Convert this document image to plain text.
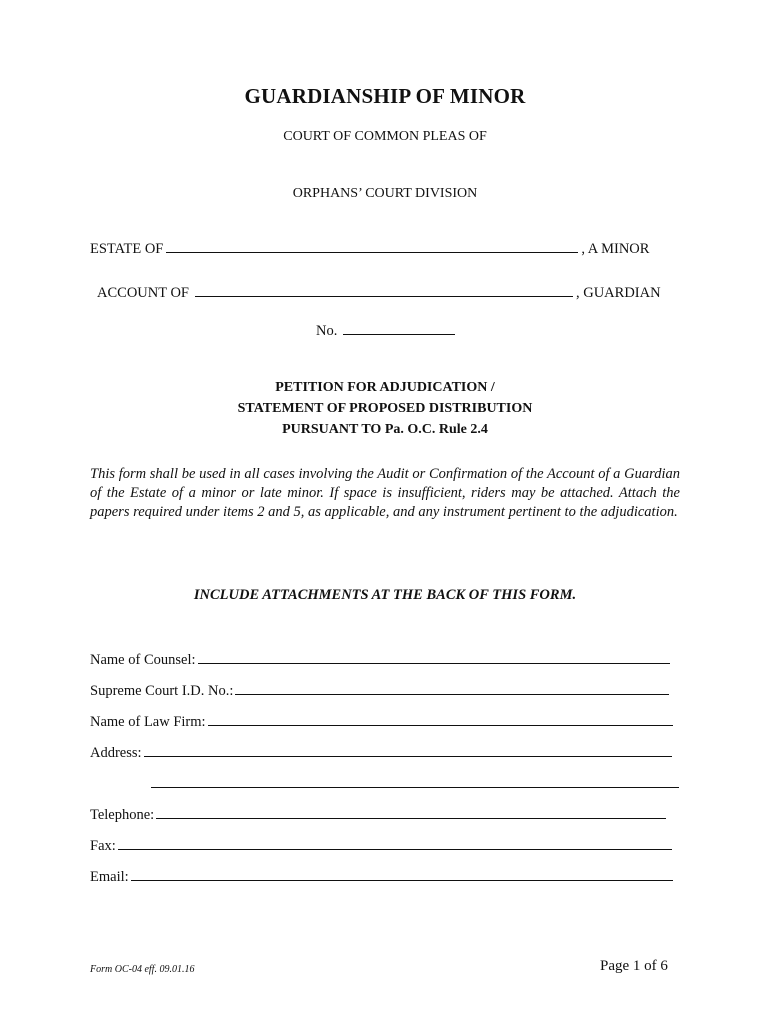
GUARDIANSHIP OF MINOR
COURT OF COMMON PLEAS OF
ORPHANS’ COURT DIVISION
ESTATE OF	, A MINOR
ACCOUNT OF	, GUARDIAN
No.
PETITION FOR ADJUDICATION /
STATEMENT OF PROPOSED DISTRIBUTION
PURSUANT TO Pa. O.C. Rule 2.4
This form shall be used in all cases involving the Audit or Confirmation of the Account of a Guardian of the Estate of a minor or late minor. If space is insufficient, riders may be attached. Attach the papers required under items 2 and 5, as applicable, and any instrument pertinent to the adjudication.
INCLUDE ATTACHMENTS AT THE BACK OF THIS FORM.
Name of Counsel:
Supreme Court I.D. No.:
Name of Law Firm:
Address:
Telephone:
Fax:
Email:
Form OC-04 eff. 09.01.16	Page 1 of 6
